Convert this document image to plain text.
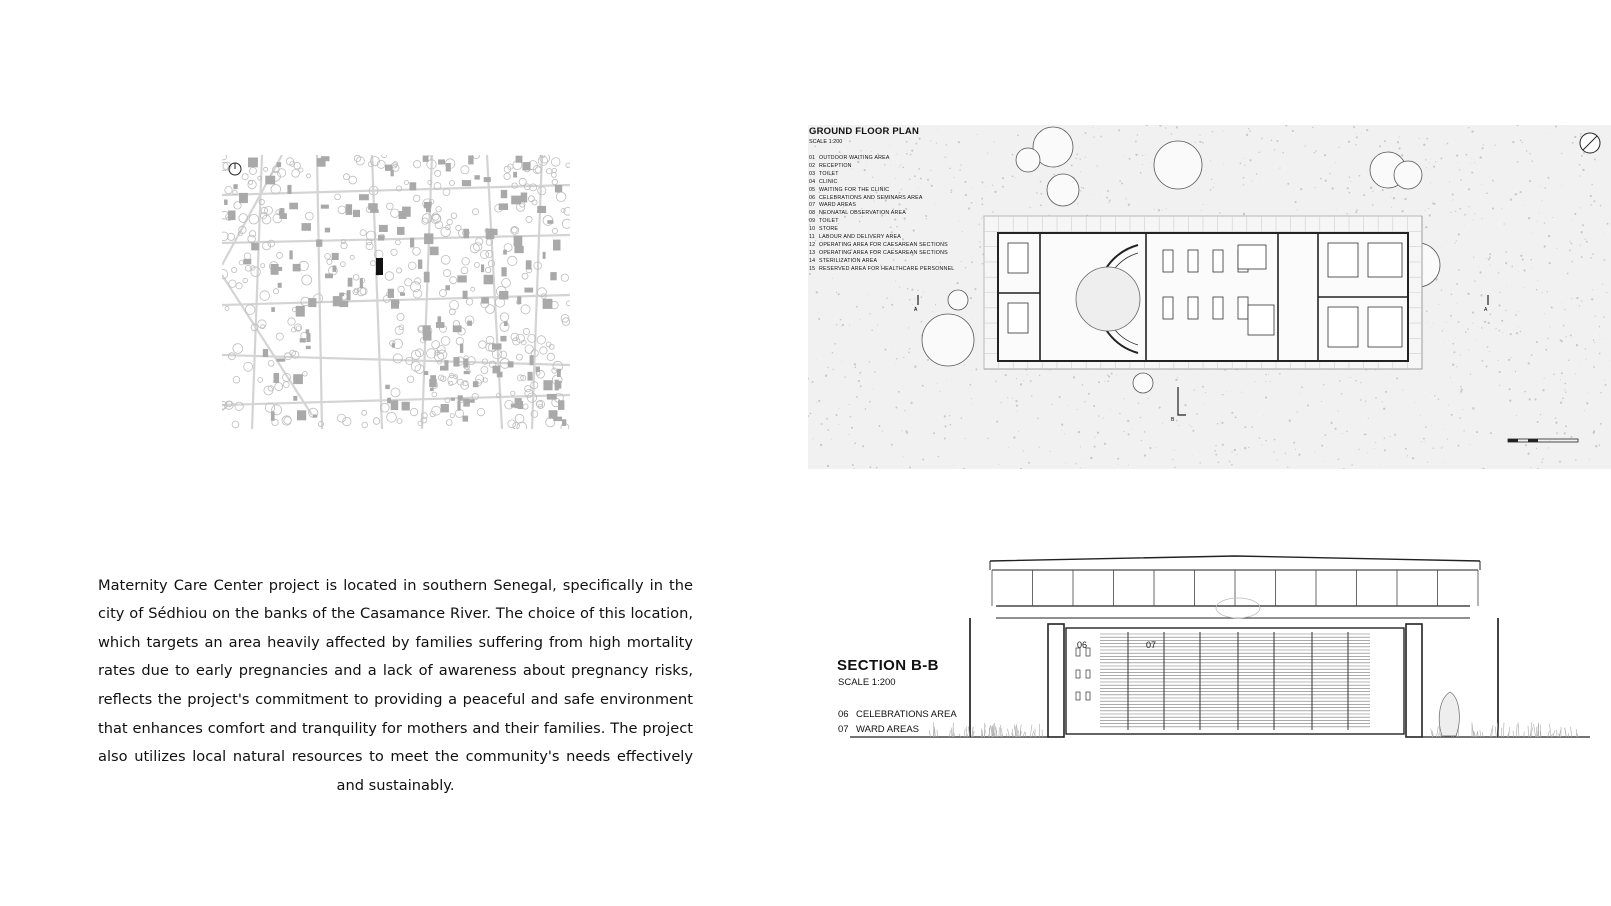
A	A
B
GROUND FLOOR PLAN
SCALE 1:200
01 OUTDOOR WAITING AREA
02 RECEPTION
03 TOILET
04 CLINIC
05 WAITING FOR THE CLINIC
06 CELEBRATIONS AND SEMINARS AREA
07 WARD AREAS
08 NEONATAL OBSERVATION AREA
09 TOILET
10 STORE
11 LABOUR AND DELIVERY AREA
12 OPERATING AREA FOR CAESAREAN SECTIONS
13 OPERATING AREA FOR CAESAREAN SECTIONS
14 STERILIZATION AREA
15 RESERVED AREA FOR HEALTHCARE PERSONNEL
06	07
SECTION B-B
SCALE 1:200
06 CELEBRATIONS AREA
07 WARD AREAS

Maternity Care Center project is located in southern Senegal, specifically in the city of Sédhiou on the banks of the Casamance River. The choice of this location, which targets an area heavily affected by families suffering from high mortality rates due to early pregnancies and a lack of awareness about pregnancy risks, reflects the project's commitment to providing a peaceful and safe environment that enhances comfort and tranquility for mothers and their families. The project also utilizes local natural resources to meet the community's needs effectively and sustainably.
